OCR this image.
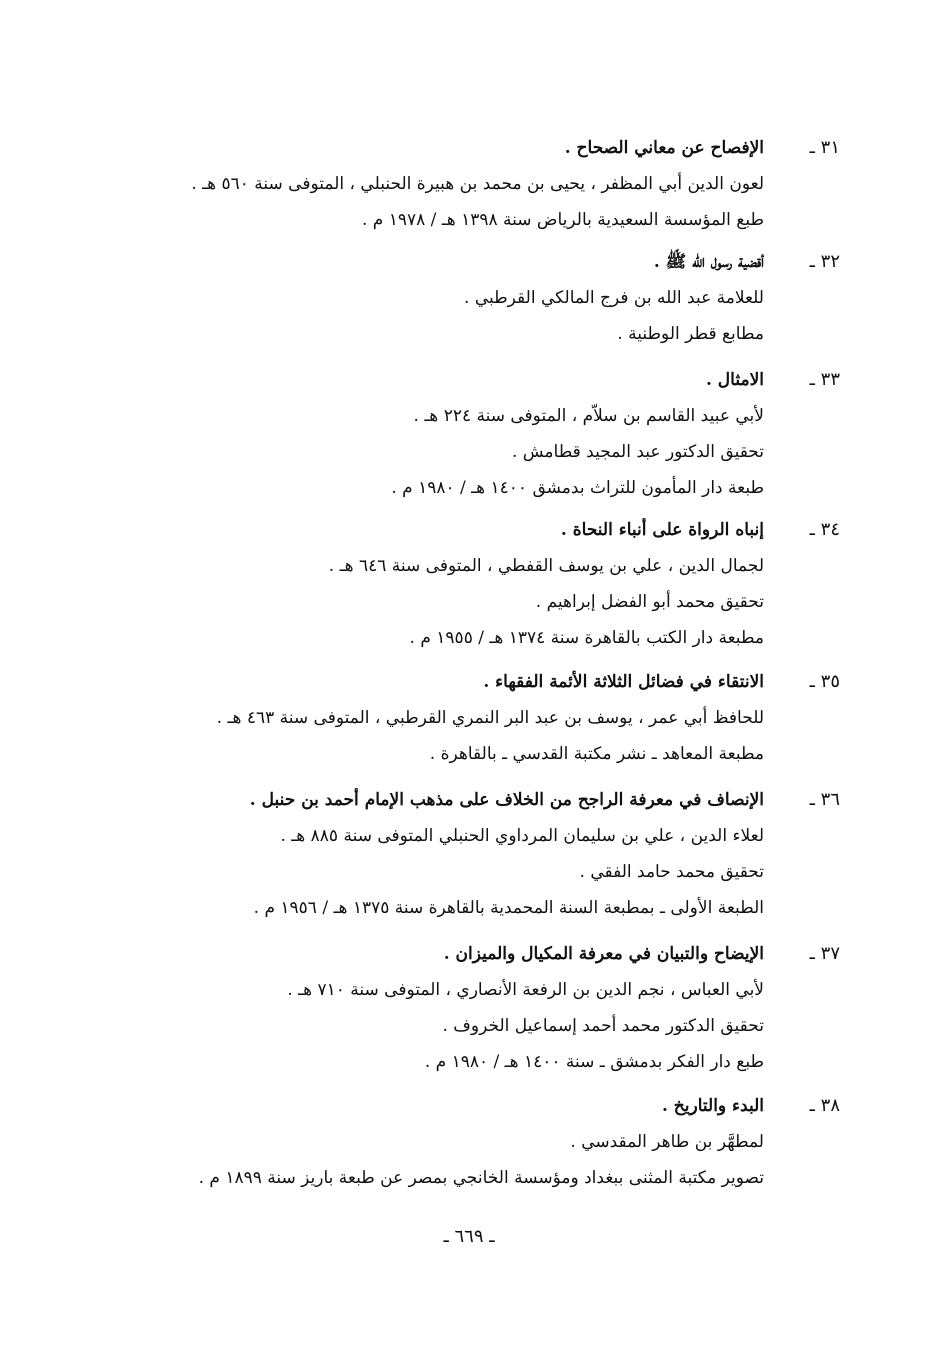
٣١ ـ
الإفصاح عن معاني الصحاح .
لعون الدين أبي المظفر ، يحيى بن محمد بن هبيرة الحنبلي ، المتوفى سنة ٥٦٠ هـ .
طبع المؤسسة السعيدية بالرياض سنة ١٣٩٨ هـ / ١٩٧٨ م .
٣٢ ـ
أقضية رسول الله ﷺ .
للعلامة عبد الله بن فرج المالكي القرطبي .
مطابع قطر الوطنية .
٣٣ ـ
الامثال .
لأبي عبيد القاسم بن سلاّم ، المتوفى سنة ٢٢٤ هـ .
تحقيق الدكتور عبد المجيد قطامش .
طبعة دار المأمون للتراث بدمشق ١٤٠٠ هـ / ١٩٨٠ م .
٣٤ ـ
إنباه الرواة على أنباء النحاة .
لجمال الدين ، علي بن يوسف القفطي ، المتوفى سنة ٦٤٦ هـ .
تحقيق محمد أبو الفضل إبراهيم .
مطبعة دار الكتب بالقاهرة سنة ١٣٧٤ هـ / ١٩٥٥ م .
٣٥ ـ
الانتقاء في فضائل الثلاثة الأئمة الفقهاء .
للحافظ أبي عمر ، يوسف بن عبد البر النمري القرطبي ، المتوفى سنة ٤٦٣ هـ .
مطبعة المعاهد ـ نشر مكتبة القدسي ـ بالقاهرة .
٣٦ ـ
الإنصاف في معرفة الراجح من الخلاف على مذهب الإمام أحمد بن حنبل .
لعلاء الدين ، علي بن سليمان المرداوي الحنبلي المتوفى سنة ٨٨٥ هـ .
تحقيق محمد حامد الفقي .
الطبعة الأولى ـ بمطبعة السنة المحمدية بالقاهرة سنة ١٣٧٥ هـ / ١٩٥٦ م .
٣٧ ـ
الإيضاح والتبيان في معرفة المكيال والميزان .
لأبي العباس ، نجم الدين بن الرفعة الأنصاري ، المتوفى سنة ٧١٠ هـ .
تحقيق الدكتور محمد أحمد إسماعيل الخروف .
طبع دار الفكر بدمشق ـ سنة ١٤٠٠ هـ / ١٩٨٠ م .
٣٨ ـ
البدء والتاريخ .
لمطهَّر بن طاهر المقدسي .
تصوير مكتبة المثنى ببغداد ومؤسسة الخانجي بمصر عن طبعة باريز سنة ١٨٩٩ م .
ـ ٦٦٩ ـ
